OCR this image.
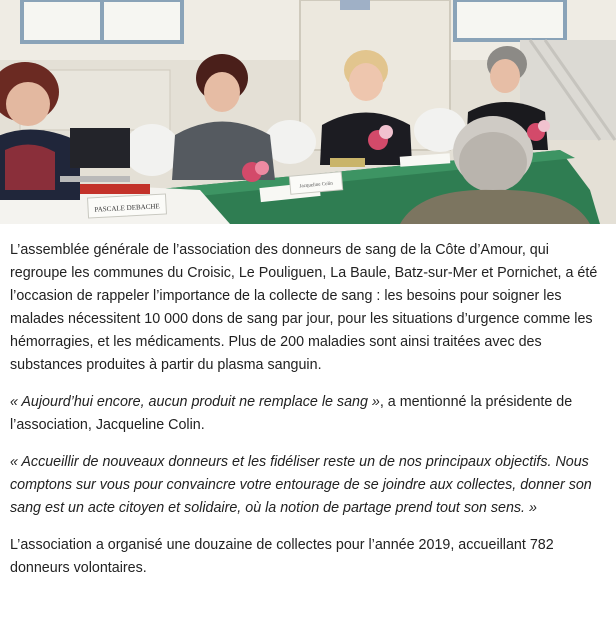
PASCALE DEBACHE
Jacqueline Colin

L’assemblée générale de l’association des donneurs de sang de la Côte d’Amour, qui regroupe les communes du Croisic, Le Pouliguen, La Baule, Batz-sur-Mer et Pornichet, a été l’occasion de rappeler l’importance de la collecte de sang : les besoins pour soigner les malades nécessitent 10 000 dons de sang par jour, pour les situations d’urgence comme les hémorragies, et les médicaments. Plus de 200 maladies sont ainsi traitées avec des substances produites à partir du plasma sanguin.

« Aujourd’hui encore, aucun produit ne remplace le sang », a mentionné la présidente de l’association, Jacqueline Colin.

« Accueillir de nouveaux donneurs et les fidéliser reste un de nos principaux objectifs. Nous comptons sur vous pour convaincre votre entourage de se joindre aux collectes, donner son sang est un acte citoyen et solidaire, où la notion de partage prend tout son sens. »

L’association a organisé une douzaine de collectes pour l’année 2019, accueillant 782 donneurs volontaires.
